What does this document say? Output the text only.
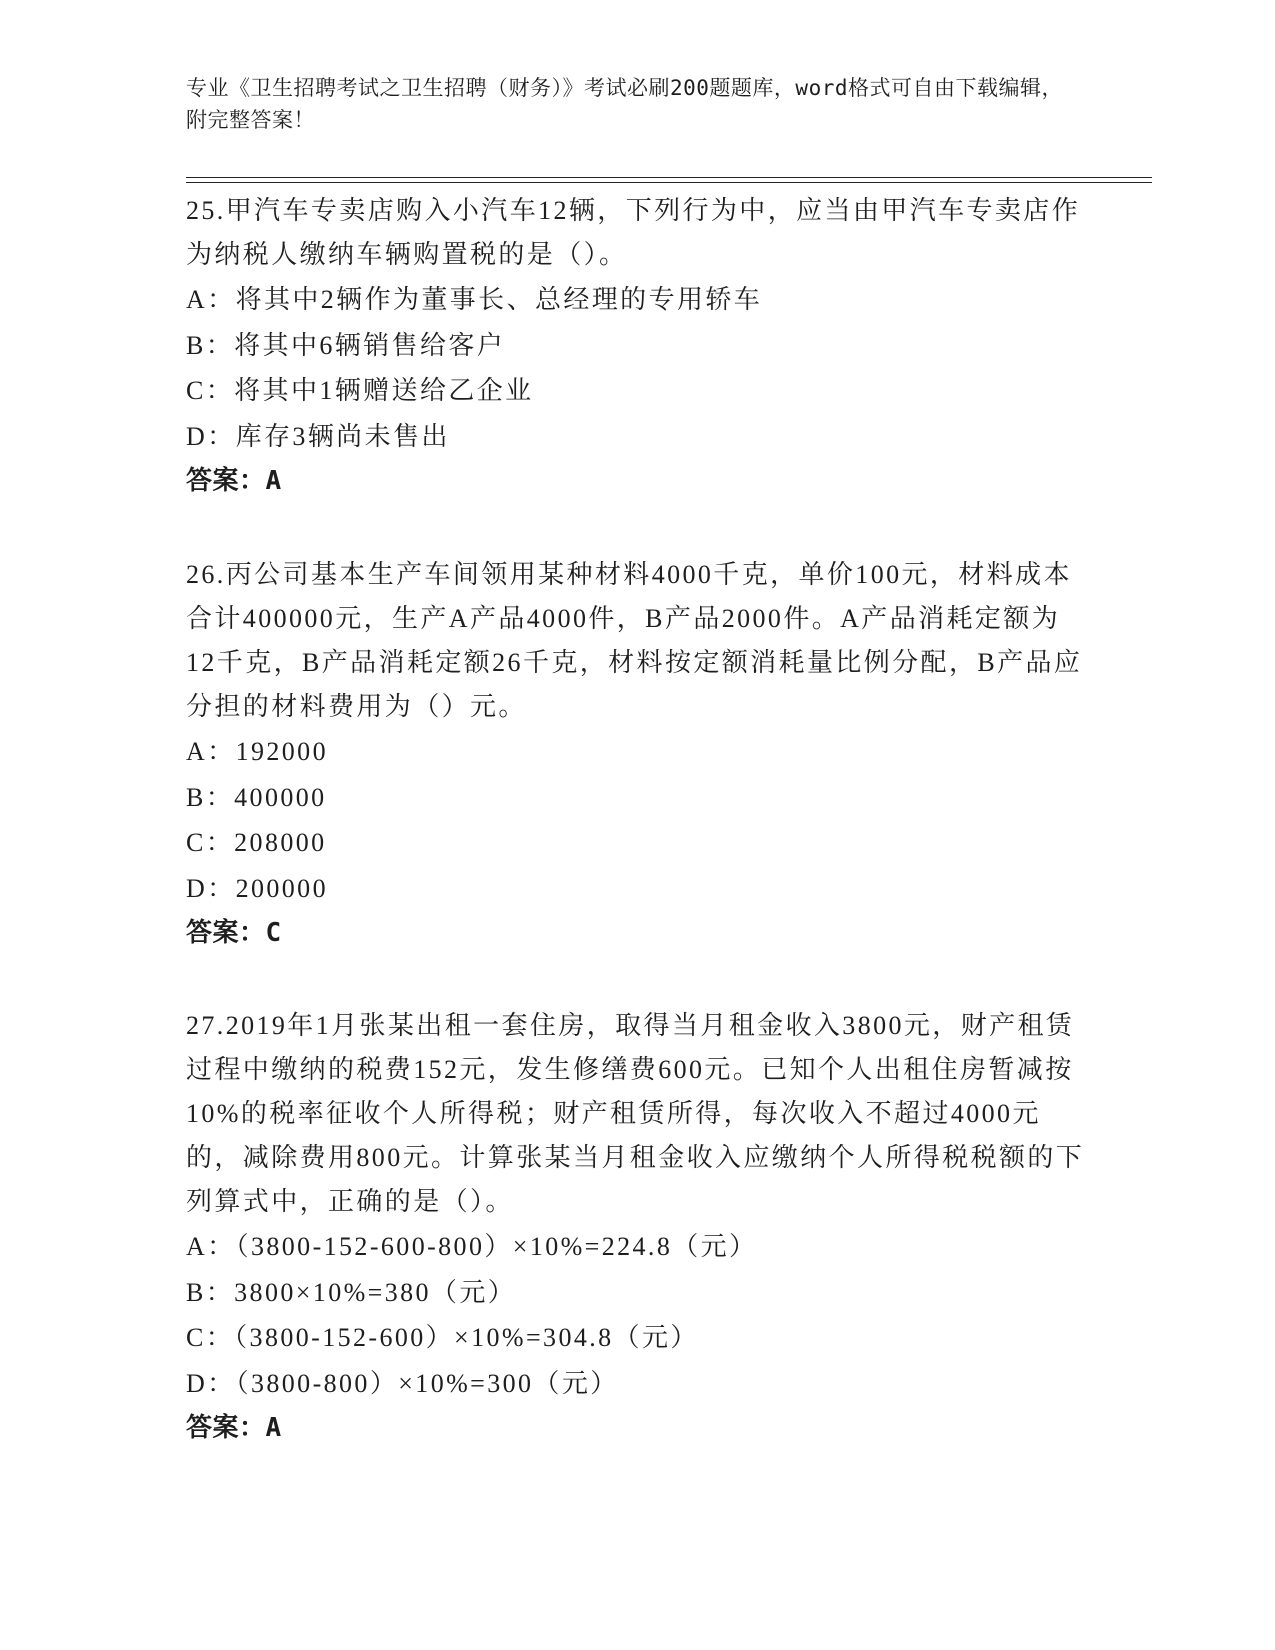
专业《卫生招聘考试之卫生招聘（财务）》考试必刷200题题库，word格式可自由下载编辑，附完整答案！

25.甲汽车专卖店购入小汽车12辆，下列行为中，应当由甲汽车专卖店作为纳税人缴纳车辆购置税的是（）。

A：将其中2辆作为董事长、总经理的专用轿车

B：将其中6辆销售给客户

C：将其中1辆赠送给乙企业

D：库存3辆尚未售出

答案：A

26.丙公司基本生产车间领用某种材料4000千克，单价100元，材料成本合计400000元，生产A产品4000件，B产品2000件。A产品消耗定额为12千克，B产品消耗定额26千克，材料按定额消耗量比例分配，B产品应分担的材料费用为（）元。

A：192000

B：400000

C：208000

D：200000

答案：C

27.2019年1月张某出租一套住房，取得当月租金收入3800元，财产租赁过程中缴纳的税费152元，发生修缮费600元。已知个人出租住房暂减按10%的税率征收个人所得税；财产租赁所得，每次收入不超过4000元的，减除费用800元。计算张某当月租金收入应缴纳个人所得税税额的下列算式中，正确的是（）。

A：（3800-152-600-800）×10%=224.8（元）

B：3800×10%=380（元）

C：（3800-152-600）×10%=304.8（元）

D：（3800-800）×10%=300（元）

答案：A
